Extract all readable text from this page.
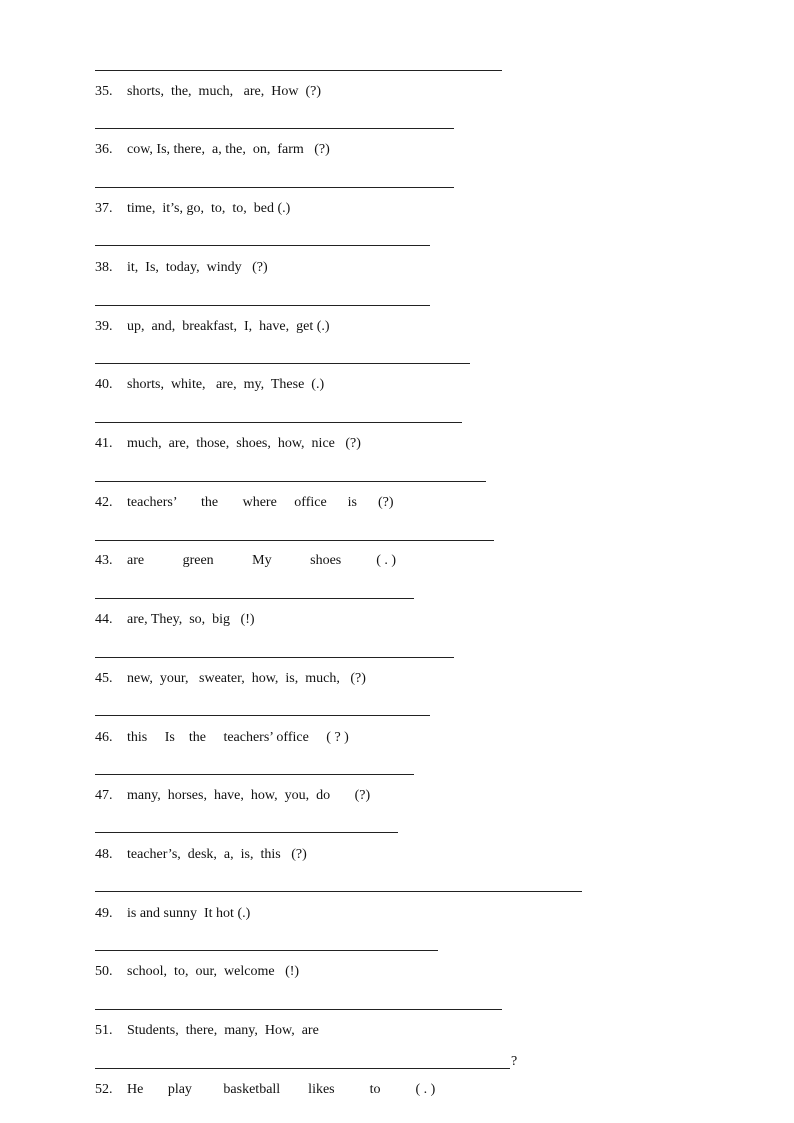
35. shorts,  the,  much,   are,  How  (?)
36. cow, Is, there,  a, the,  on,  farm   (?)
37. time,  it’s, go,  to,  to,  bed (.)
38. it,  Is,  today,  windy   (?)
39. up,  and,  breakfast,  I,  have,  get (.)
40. shorts,  white,   are,  my,  These  (.)
41. much,  are,  those,  shoes,  how,  nice   (?)
42. teachers’       the       where     office      is      (?)
43. are           green           My           shoes          ( . )
44. are, They,  so,  big   (!)
45. new,  your,   sweater,  how,  is,  much,   (?)
46. this     Is    the     teachers’ office     ( ? )
47. many,  horses,  have,  how,  you,  do       (?)
48. teacher’s,  desk,  a,  is,  this   (?)
49. is and sunny  It hot (.)
50. school,  to,  our,  welcome   (!)
51. Students,  there,  many,  How,  are
?
52. He       play         basketball        likes          to          ( . )
